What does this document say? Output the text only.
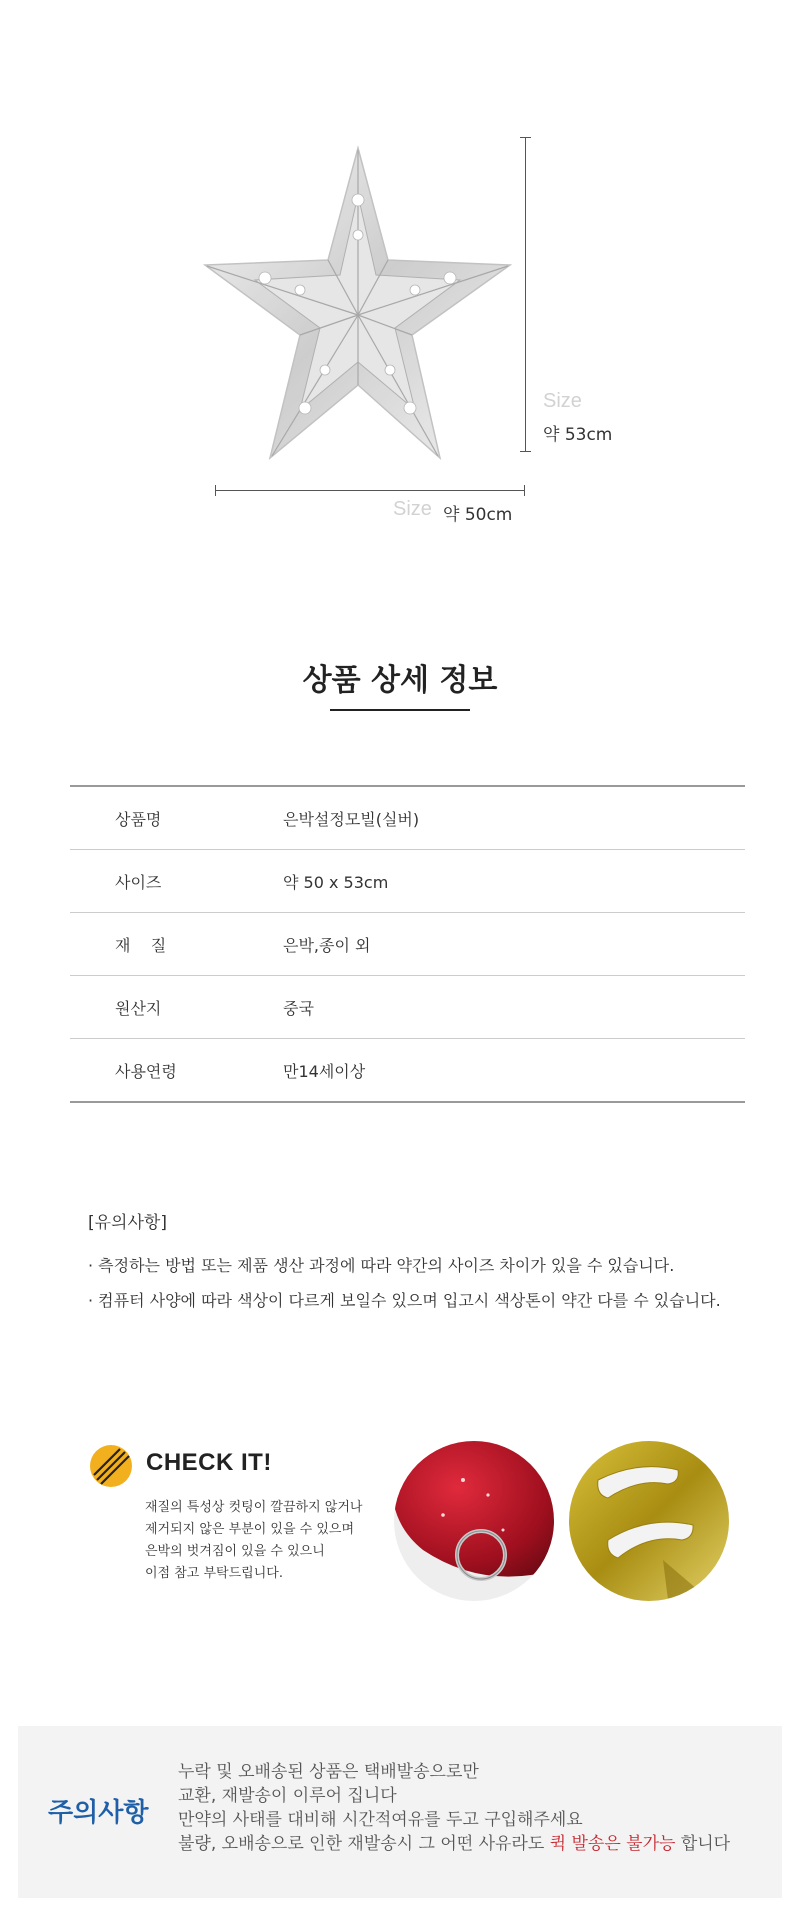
Size
약 53cm
Size 약 50cm
상품 상세 정보
상품명	은박설정모빌(실버)
사이즈	약 50 x 53cm
재    질	은박,종이 외
원산지	중국
사용연령	만14세이상
[유의사항]
· 측정하는 방법 또는 제품 생산 과정에 따라 약간의 사이즈 차이가 있을 수 있습니다.
· 컴퓨터 사양에 따라 색상이 다르게 보일수 있으며 입고시 색상톤이 약간 다를 수 있습니다.
CHECK IT!
재질의 특성상 컷팅이 깔끔하지 않거나
제거되지 않은 부분이 있을 수 있으며
은박의 벗겨짐이 있을 수 있으니
이점 참고 부탁드립니다.
주의사항
누락 및 오배송된 상품은 택배발송으로만
교환, 재발송이 이루어 집니다
만약의 사태를 대비해 시간적여유를 두고 구입해주세요
불량, 오배송으로 인한 재발송시 그 어떤 사유라도 퀵 발송은 불가능 합니다
